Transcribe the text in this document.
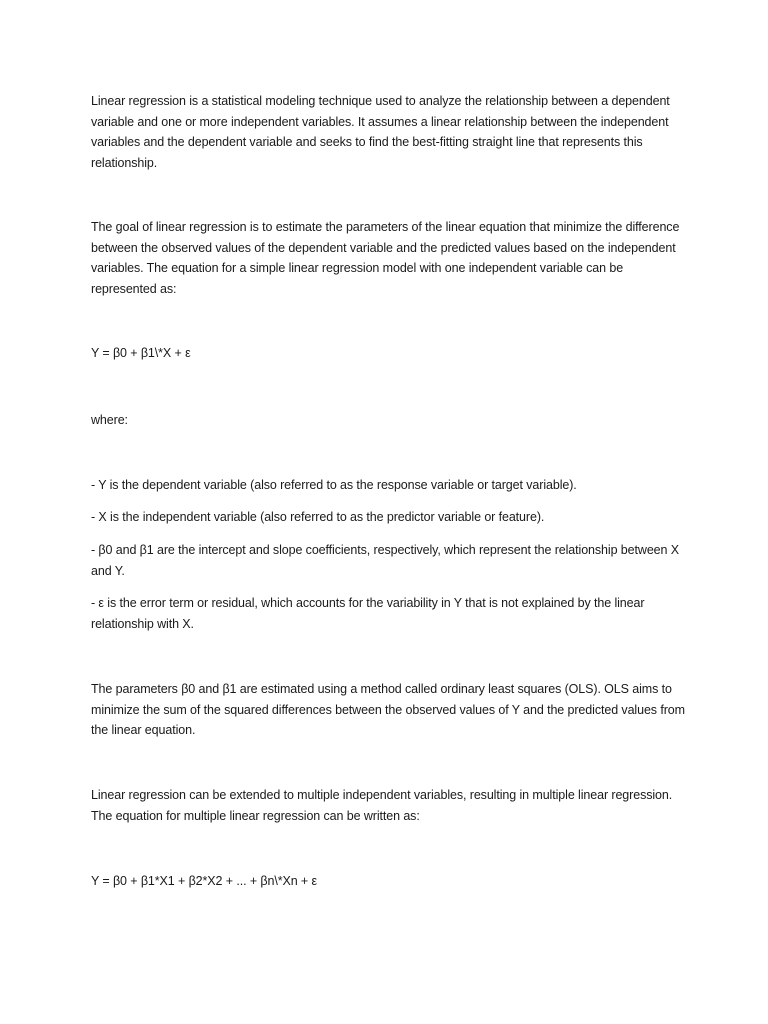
Linear regression is a statistical modeling technique used to analyze the relationship between a dependent variable and one or more independent variables. It assumes a linear relationship between the independent variables and the dependent variable and seeks to find the best-fitting straight line that represents this relationship.

The goal of linear regression is to estimate the parameters of the linear equation that minimize the difference between the observed values of the dependent variable and the predicted values based on the independent variables. The equation for a simple linear regression model with one independent variable can be represented as:

Y = β0 + β1\*X + ε

where:

- Y is the dependent variable (also referred to as the response variable or target variable).

- X is the independent variable (also referred to as the predictor variable or feature).

- β0 and β1 are the intercept and slope coefficients, respectively, which represent the relationship between X and Y.

- ε is the error term or residual, which accounts for the variability in Y that is not explained by the linear relationship with X.

The parameters β0 and β1 are estimated using a method called ordinary least squares (OLS). OLS aims to minimize the sum of the squared differences between the observed values of Y and the predicted values from the linear equation.

Linear regression can be extended to multiple independent variables, resulting in multiple linear regression. The equation for multiple linear regression can be written as:

Y = β0 + β1*X1 + β2*X2 + ... + βn\*Xn + ε
